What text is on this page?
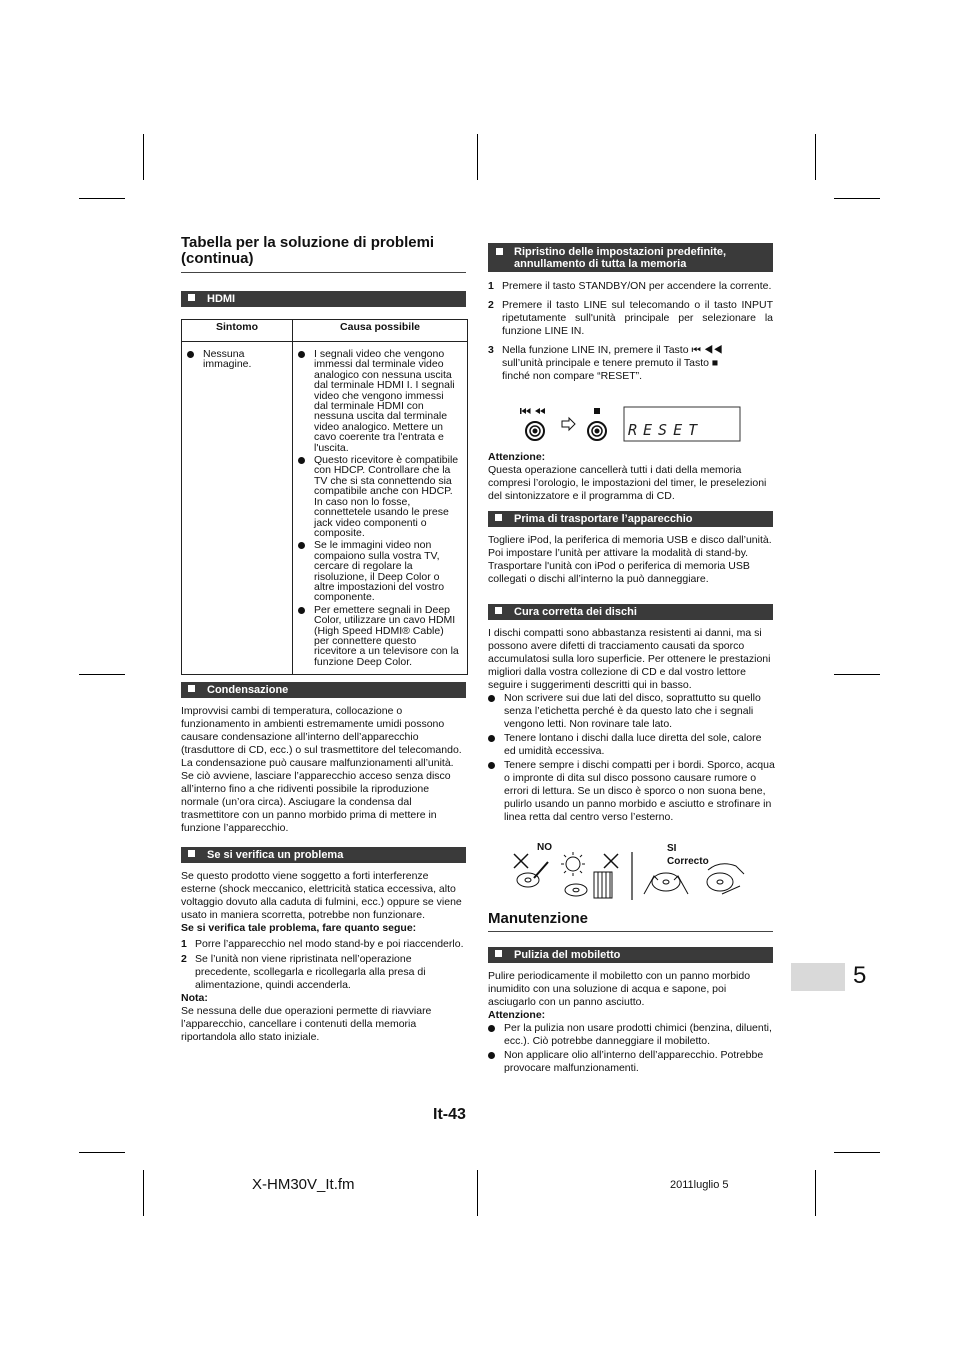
Tabella per la soluzione di problemi
(continua)
HDMI
Sintomo	Causa possibile

Nessuna immagine.	I segnali video che vengono immessi dal terminale video analogico con nessuna uscita dal terminale HDMI I. I segnali video che vengono immessi dal terminale HDMI con nessuna uscita dal terminale video analogico. Mettere un cavo coerente tra l'entrata e l'uscita.
Questo ricevitore è compatibile con HDCP. Controllare che la TV che si sta connettendo sia compatibile anche con HDCP. In caso non lo fosse, connettetele usando le prese jack video componenti o composite.
Se le immagini video non compaiono sulla vostra TV, cercare di regolare la risoluzione, il Deep Color o altre impostazioni del vostro componente.
Per emettere segnali in Deep Color, utilizzare un cavo HDMI (High Speed HDMI® Cable) per connettere questo ricevitore a un televisore con la funzione Deep Color.
Condensazione
Improvvisi cambi di temperatura, collocazione o funzionamento in ambienti estremamente umidi possono causare condensazione all’interno dell’apparecchio (trasduttore di CD, ecc.) o sul trasmettitore del telecomando. La condensazione può causare malfunzionamenti all’unità. Se ciò avviene, lasciare l’apparecchio acceso senza disco all’interno fino a che ridiventi possibile la riproduzione normale (un’ora circa). Asciugare la condensa dal trasmettitore con un panno morbido prima di mettere in funzione l’apparecchio.
Se si verifica un problema

Se questo prodotto viene soggetto a forti interferenze esterne (shock meccanico, elettricità statica eccessiva, alto voltaggio dovuto alla caduta di fulmini, ecc.) oppure se viene usato in maniera scorretta, potrebbe non funzionare.

Se si verifica tale problema, fare quanto segue:

1 Porre l’apparecchio nel modo stand-by e poi riaccenderlo.
2 Se l’unità non viene ripristinata nell’operazione precedente, scollegarla e ricollegarla alla presa di alimentazione, quindi accenderla.

Nota:

Se nessuna delle due operazioni permette di riavviare l’apparecchio, cancellare i contenuti della memoria riportandola allo stato iniziale.

Ripristino delle impostazioni predefinite,
annullamento di tutta la memoria
1 Premere il tasto STANDBY/ON per accendere la corrente.
2 Premere il tasto LINE sul telecomando o il tasto INPUT ripetutamente sull'unità principale per selezionare la funzione LINE IN.
3 Nella funzione LINE IN, premere il Tasto ⏮ ◀◀ sull’unità principale e tenere premuto il Tasto ■ finché non compare “RESET”.
RESET

Attenzione:

Questa operazione cancellerà tutti i dati della memoria compresi l’orologio, le impostazioni del timer, le preselezioni del sintonizzatore e il programma di CD.

Prima di trasportare l’apparecchio
Togliere iPod, la periferica di memoria USB e disco dall’unità. Poi impostare l’unità per attivare la modalità di stand-by. Trasportare l'unità con iPod o periferica di memoria USB collegati o dischi all’interno la può danneggiare.
Cura corretta dei dischi

I dischi compatti sono abbastanza resistenti ai danni, ma si possono avere difetti di tracciamento causati da sporco accumulatosi sulla loro superficie. Per ottenere le prestazioni migliori dalla vostra collezione di CD e dal vostro lettore seguire i suggerimenti descritti qui in basso.

Non scrivere sui due lati del disco, soprattutto su quello senza l’etichetta perché è da questo lato che i segnali vengono letti. Non rovinare tale lato.
Tenere lontano i dischi dalla luce diretta del sole, calore ed umidità eccessiva.
Tenere sempre i dischi compatti per i bordi. Sporco, acqua o impronte di dita sul disco possono causare rumore o errori di lettura. Se un disco è sporco o non suona bene, pulirlo usando un panno morbido e asciutto e strofinare in linea retta dal centro verso l’esterno.
NO	SI
Correcto
Manutenzione
Pulizia del mobiletto

Pulire periodicamente il mobiletto con un panno morbido inumidito con una soluzione di acqua e sapone, poi asciugarlo con un panno asciutto.

Attenzione:

Per la pulizia non usare prodotti chimici (benzina, diluenti, ecc.). Ciò potrebbe danneggiare il mobiletto.
Non applicare olio all’interno dell’apparecchio. Potrebbe provocare malfunzionamenti.
5
It-43
X-HM30V_It.fm	2011luglio 5
